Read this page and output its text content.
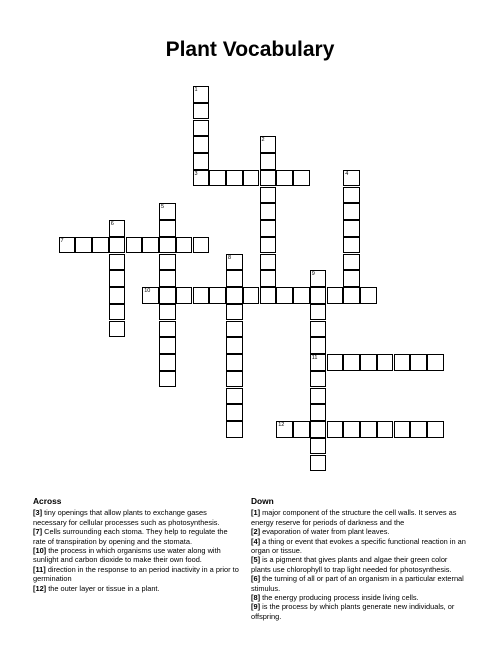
Plant Vocabulary
1
3
2
4
5
6
7
8
9
11
10
12
Across

[3] tiny openings that allow plants to exchange gases necessary for cellular processes such as photosynthesis.

[7] Cells surrounding each stoma. They help to regulate the rate of transpiration by opening and the stomata.

[10] the process in which organisms use water along with sunlight and carbon dioxide to make their own food.

[11] direction in the response to an period inactivity in a prior to germination

[12] the outer layer or tissue in a plant.

Down

[1] major component of the structure the cell walls. It serves as energy reserve for periods of darkness and the

[2] evaporation of water from plant leaves.

[4] a thing or event that evokes a specific functional reaction in an organ or tissue.

[5] is a pigment that gives plants and algae their green color plants use chlorophyll to trap light needed for photosynthesis.

[6] the turning of all or part of an organism in a particular external stimulus.

[8] the energy producing process inside living cells.

[9] is the process by which plants generate new individuals, or offspring.
